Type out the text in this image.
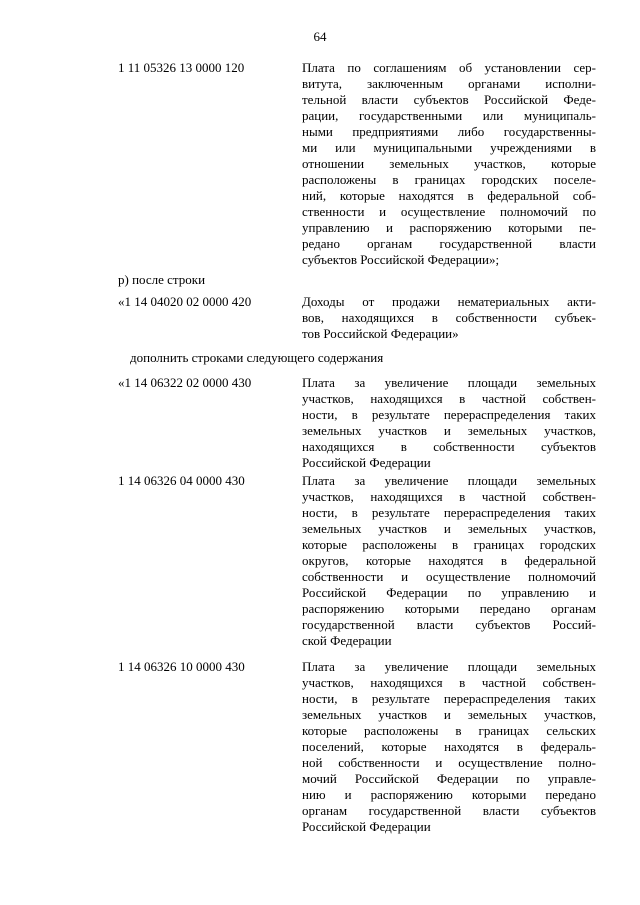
64
1 11 05326 13 0000 120	Плата по соглашениям об установлении сер-
витута, заключенным органами исполни-
тельной власти субъектов Российской Феде-
рации, государственными или муниципаль-
ными предприятиями либо государственны-
ми или муниципальными учреждениями в
отношении земельных участков, которые
расположены в границах городских поселе-
ний, которые находятся в федеральной соб-
ственности и осуществление полномочий по
управлению и распоряжению которыми пе-
редано органам государственной власти
субъектов Российской Федерации»;
р) после строки
«1 14 04020 02 0000 420	Доходы от продажи нематериальных акти-
вов, находящихся в собственности субъек-
тов Российской Федерации»
дополнить строками следующего содержания
«1 14 06322 02 0000 430	Плата за увеличение площади земельных
участков, находящихся в частной собствен-
ности, в результате перераспределения таких
земельных участков и земельных участков,
находящихся в собственности субъектов
Российской Федерации
1 14 06326 04 0000 430	Плата за увеличение площади земельных
участков, находящихся в частной собствен-
ности, в результате перераспределения таких
земельных участков и земельных участков,
которые расположены в границах городских
округов, которые находятся в федеральной
собственности и осуществление полномочий
Российской Федерации по управлению и
распоряжению которыми передано органам
государственной власти субъектов Россий-
ской Федерации
1 14 06326 10 0000 430	Плата за увеличение площади земельных
участков, находящихся в частной собствен-
ности, в результате перераспределения таких
земельных участков и земельных участков,
которые расположены в границах сельских
поселений, которые находятся в федераль-
ной собственности и осуществление полно-
мочий Российской Федерации по управле-
нию и распоряжению которыми передано
органам государственной власти субъектов
Российской Федерации
